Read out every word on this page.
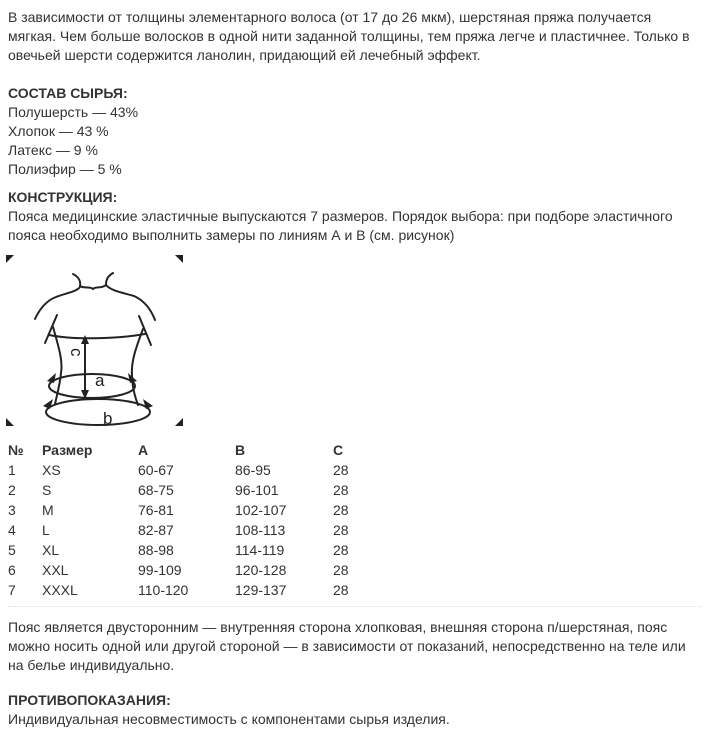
В зависимости от толщины элементарного волоса (от 17 до 26 мкм), шерстяная пряжа получается мягкая. Чем больше волосков в одной нити заданной толщины, тем пряжа легче и пластичнее. Только в овечьей шерсти содержится ланолин, придающий ей лечебный эффект.

СОСТАВ СЫРЬЯ:
Полушерсть — 43%
Хлопок — 43 %
Латекс — 9 %
Полиэфир — 5 %
КОНСТРУКЦИЯ:

Пояса медицинские эластичные выпускаются 7 размеров. Порядок выбора: при подборе эластичного пояса необходимо выполнить замеры по линиям А и В (см. рисунок)

c
a
b
№	Размер	A	B	C
1	XS	60-67	86-95	28
2	S	68-75	96-101	28
3	M	76-81	102-107	28
4	L	82-87	108-113	28
5	XL	88-98	114-119	28
6	XXL	99-109	120-128	28
7	XXXL	110-120	129-137	28

Пояс является двусторонним — внутренняя сторона хлопковая, внешняя сторона п/шерстяная, пояс можно носить одной или другой стороной — в зависимости от показаний, непосредственно на теле или на белье индивидуально.

ПРОТИВОПОКАЗАНИЯ:

Индивидуальная несовместимость с компонентами сырья изделия.
